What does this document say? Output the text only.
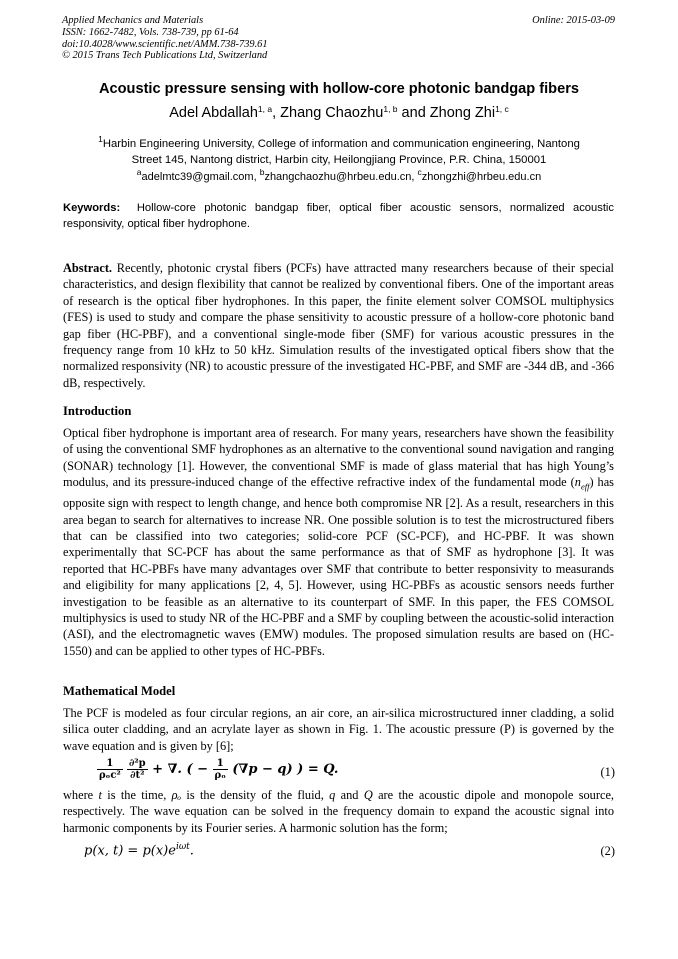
Applied Mechanics and Materials
ISSN: 1662-7482, Vols. 738-739, pp 61-64
doi:10.4028/www.scientific.net/AMM.738-739.61
© 2015 Trans Tech Publications Ltd, Switzerland
Online: 2015-03-09
Acoustic pressure sensing with hollow-core photonic bandgap fibers
Adel Abdallah$^{1, a}$, Zhang Chaozhu$^{1, b}$ and Zhong Zhi$^{1, c}$
$^1$Harbin Engineering University, College of information and communication engineering, Nantong
Street 145, Nantong district, Harbin city, Heilongjiang Province, P.R. China, 150001
$^a$adelmtc39@gmail.com, $^b$zhangchaozhu@hrbeu.edu.cn, $^c$zhongzhi@hrbeu.edu.cn
Keywords: Hollow-core photonic bandgap fiber, optical fiber acoustic sensors, normalized acoustic responsivity, optical fiber hydrophone.
Abstract. Recently, photonic crystal fibers (PCFs) have attracted many researchers because of their special characteristics, and design flexibility that cannot be realized by conventional fibers. One of the important areas of research is the optical fiber hydrophones. In this paper, the finite element solver COMSOL multiphysics (FES) is used to study and compare the phase sensitivity to acoustic pressure of a hollow-core photonic band gap fiber (HC-PBF), and a conventional single-mode fiber (SMF) for various acoustic pressures in the frequency range from 10 kHz to 50 kHz. Simulation results of the investigated optical fibers show that the normalized responsivity (NR) to acoustic pressure of the investigated HC-PBF, and SMF are -344 dB, and -366 dB, respectively.
Introduction
Optical fiber hydrophone is important area of research. For many years, researchers have shown the feasibility of using the conventional SMF hydrophones as an alternative to the conventional sound navigation and ranging (SONAR) technology [1]. However, the conventional SMF is made of glass material that has high Young’s modulus, and its pressure-induced change of the effective refractive index of the fundamental mode $(n_{eff})$ has opposite sign with respect to length change, and hence both compromise NR [2]. As a result, researchers in this area began to search for alternatives to increase NR. One possible solution is to test the microstructured fibers that can be classified into two categories; solid-core PCF (SC-PCF), and HC-PBF. It was shown experimentally that SC-PCF has about the same performance as that of SMF as hydrophone [3]. It was reported that HC-PBFs have many advantages over SMF that contribute to better responsivity to measurands and eligibility for many applications [2, 4, 5]. However, using HC-PBFs as acoustic sensors needs further investigation to be feasible as an alternative to its counterpart of SMF. In this paper, the FES COMSOL multiphysics is used to study NR of the HC-PBF and a SMF by coupling between the acoustic-solid interaction (ASI), and the electromagnetic waves (EMW) modules. The proposed simulation results are based on (HC-1550) and can be applied to other types of HC-PBFs.
Mathematical Model
The PCF is modeled as four circular regions, an air core, an air-silica microstructured inner cladding, a solid silica outer cladding, and an acrylate layer as shown in Fig. 1. The acoustic pressure (P) is governed by the wave equation and is given by [6];
$\frac{1}{\text{ρₒc²}}$
$\frac{\text{∂²p}}{\text{∂t²}}$ + ∇. ( − $\frac{1}{\text{ρₒ}} (\nabla p - q)$ ) = Q.	(1)
where t is the time, ρₒ is the density of the fluid, q and Q are the acoustic dipole and monopole source, respectively. The wave equation can be solved in the frequency domain to expand the acoustic signal into harmonic components by its Fourier series. A harmonic solution has the form;
p(x, $t) = p(x)e^{i\omega t}$.	(2)
